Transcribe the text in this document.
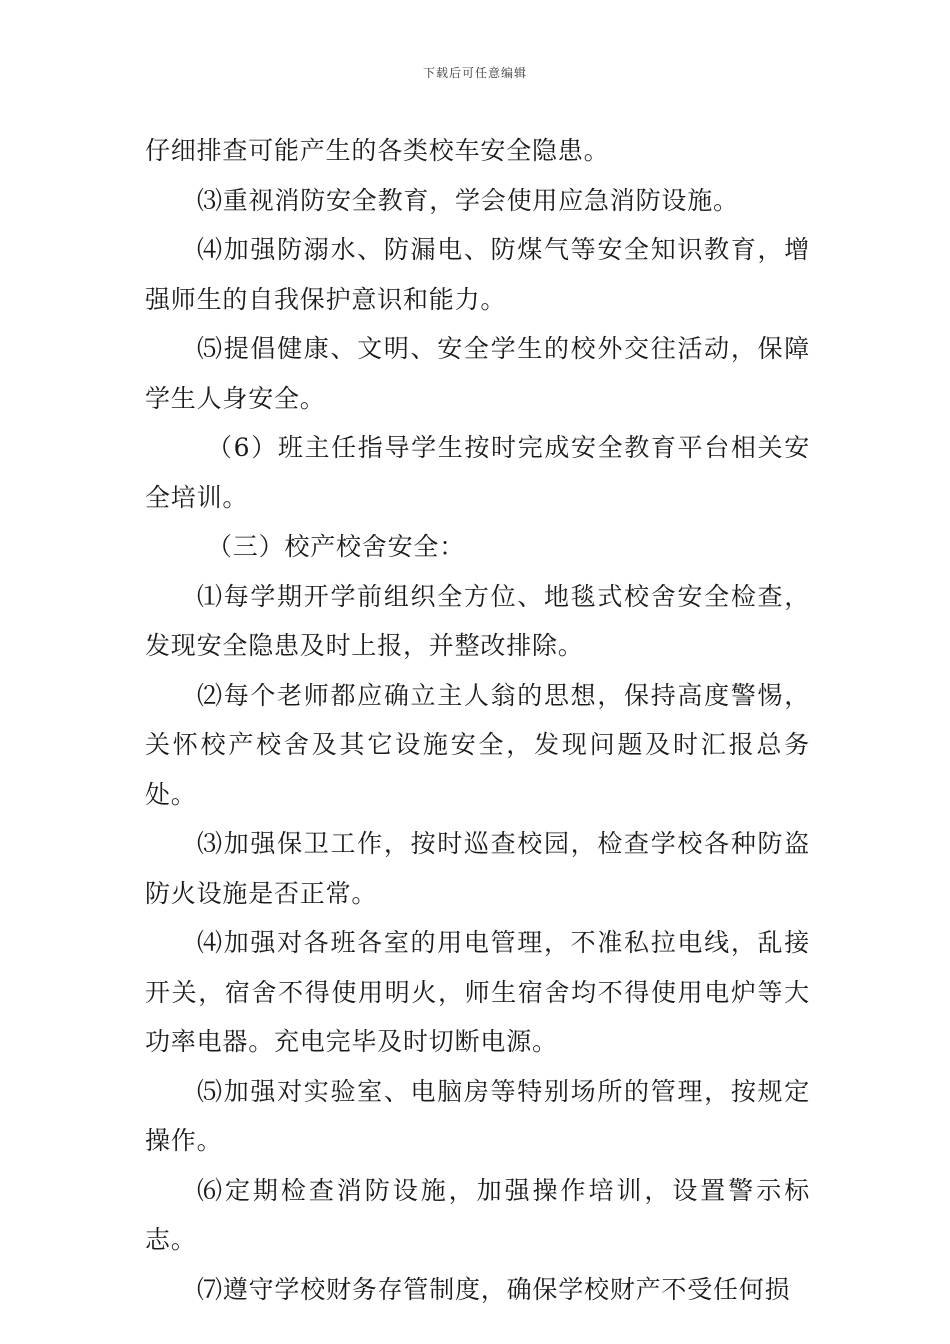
下载后可任意编辑

仔细排查可能产生的各类校车安全隐患。

⑶重视消防安全教育，学会使用应急消防设施。

⑷加强防溺水、防漏电、防煤气等安全知识教育，增强师生的自我保护意识和能力。

⑸提倡健康、文明、安全学生的校外交往活动，保障学生人身安全。

（6）班主任指导学生按时完成安全教育平台相关安全培训。

（三）校产校舍安全：

⑴每学期开学前组织全方位、地毯式校舍安全检查，发现安全隐患及时上报，并整改排除。

⑵每个老师都应确立主人翁的思想，保持高度警惕，关怀校产校舍及其它设施安全，发现问题及时汇报总务处。

⑶加强保卫工作，按时巡查校园，检查学校各种防盗防火设施是否正常。

⑷加强对各班各室的用电管理，不准私拉电线，乱接开关，宿舍不得使用明火，师生宿舍均不得使用电炉等大功率电器。充电完毕及时切断电源。

⑸加强对实验室、电脑房等特别场所的管理，按规定操作。

⑹定期检查消防设施，加强操作培训，设置警示标志。

⑺遵守学校财务存管制度，确保学校财产不受任何损
